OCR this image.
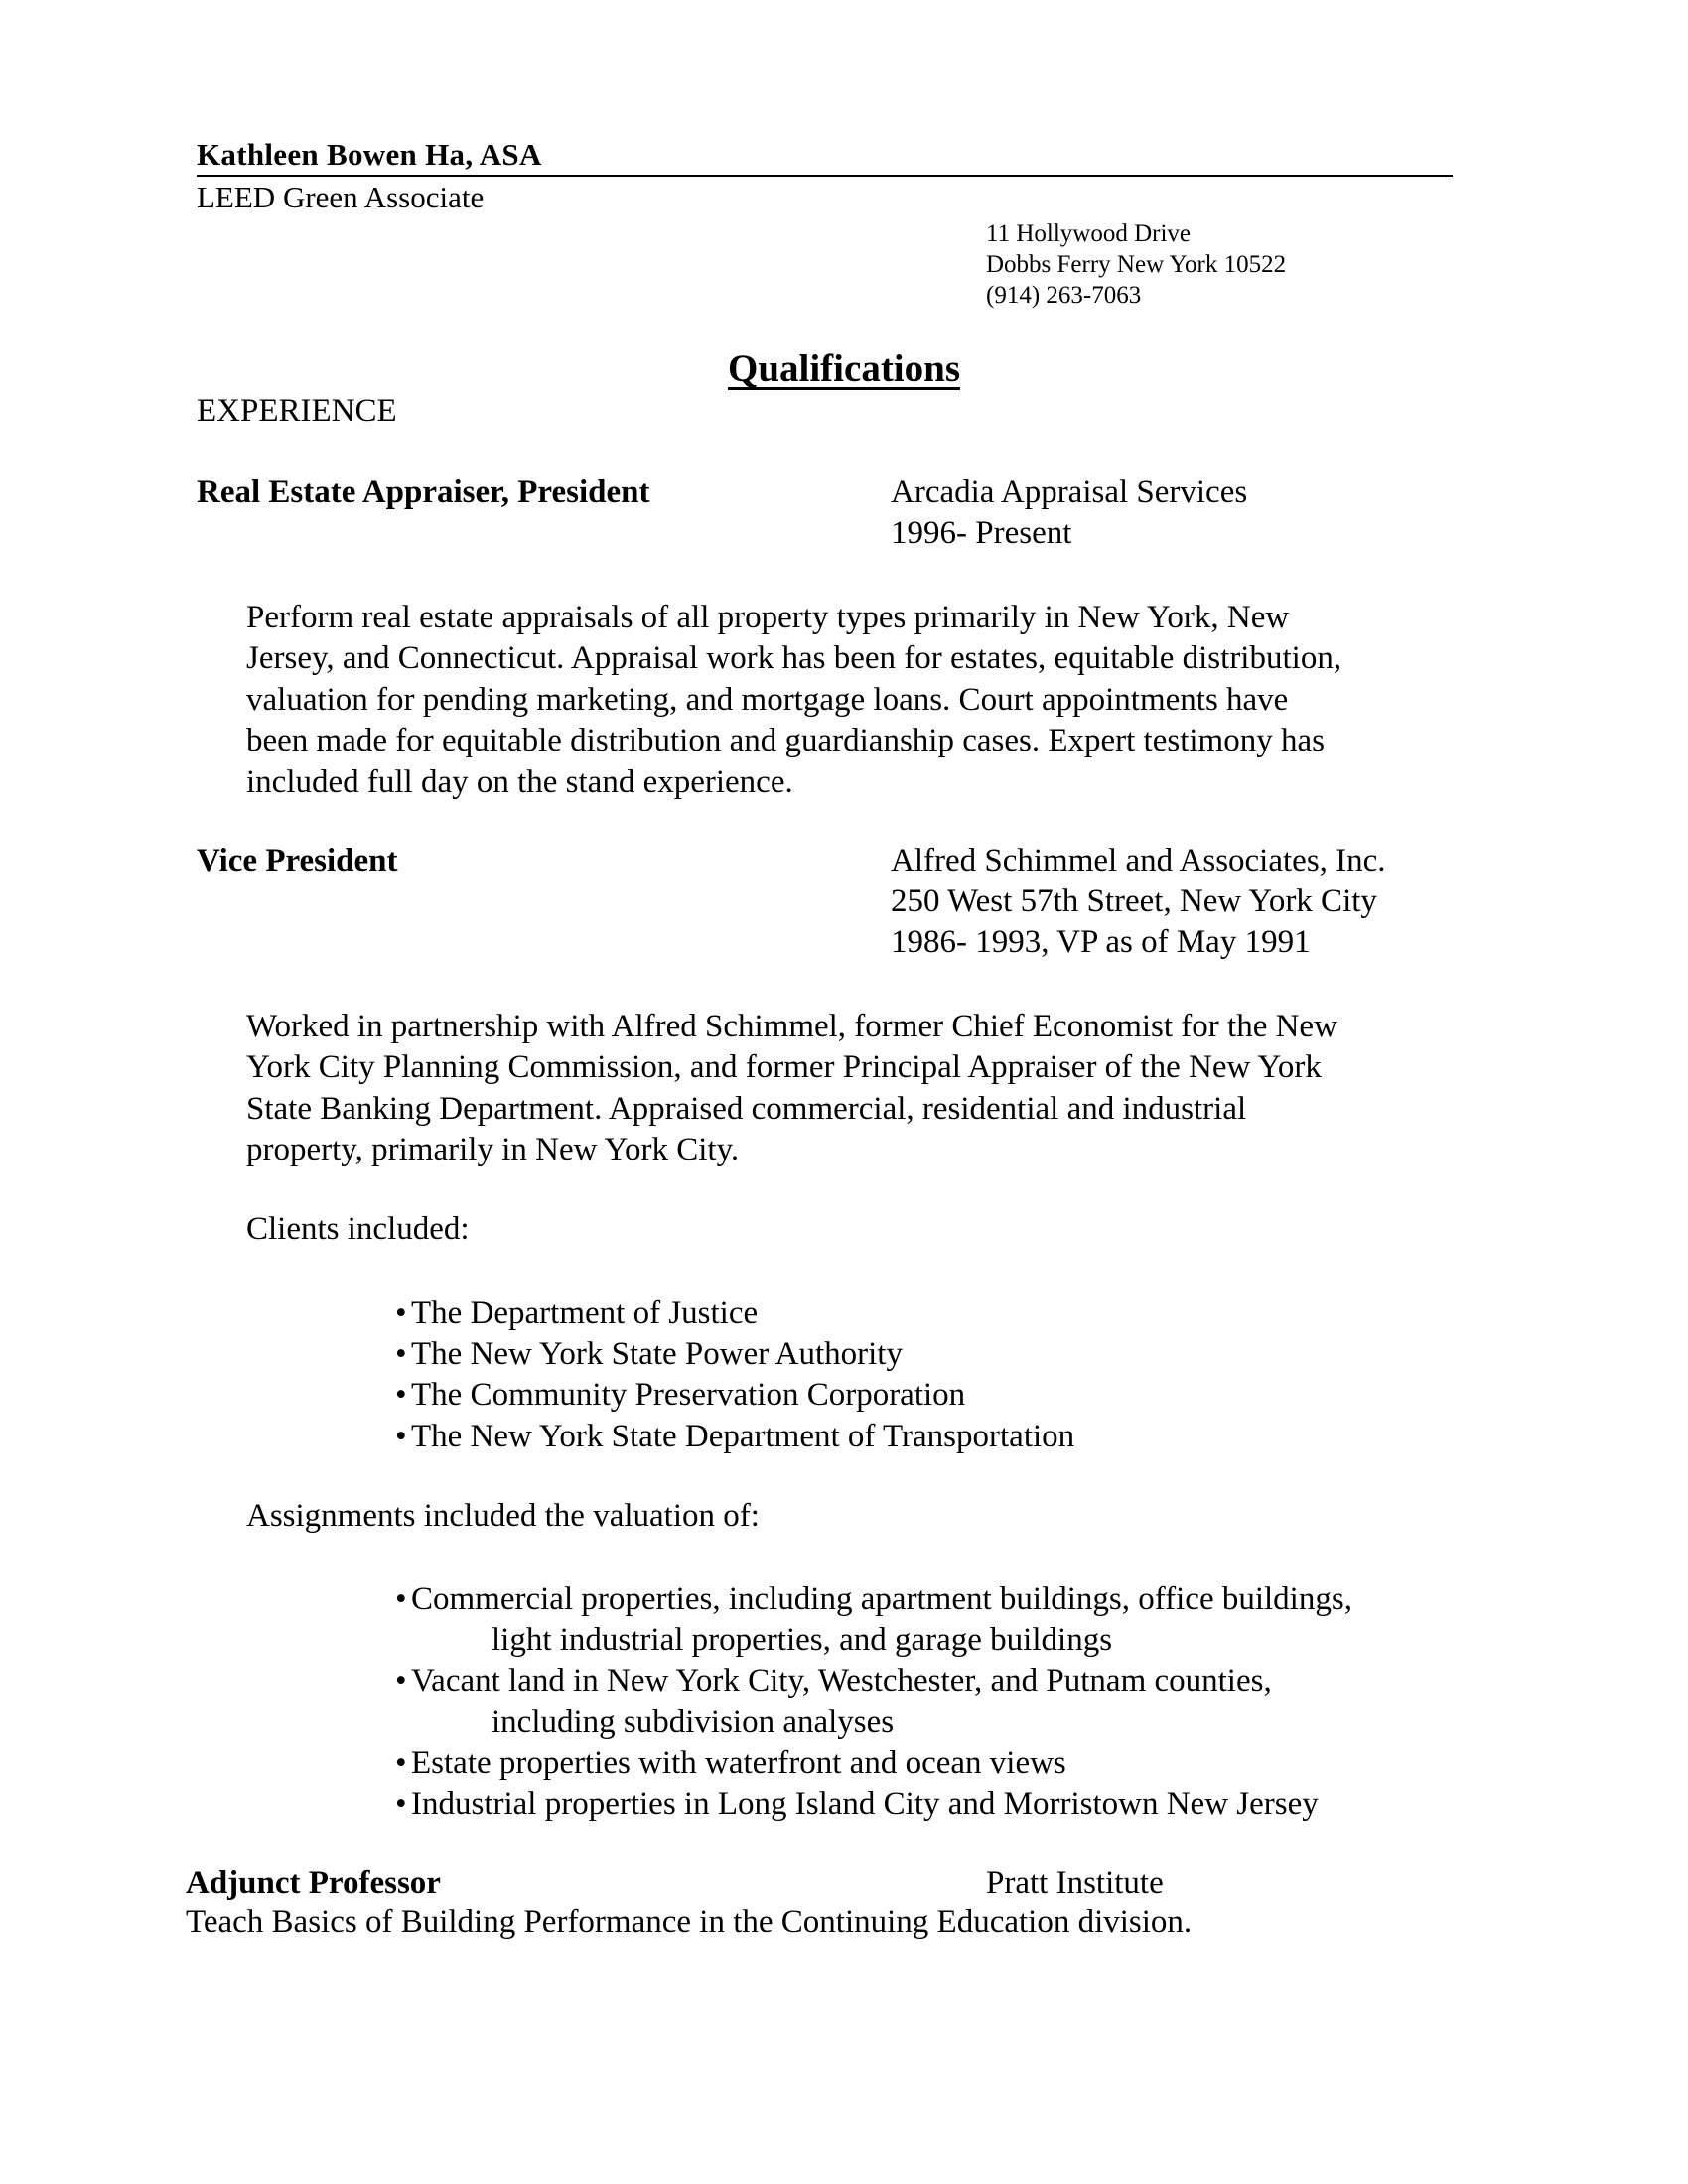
Kathleen Bowen Ha, ASA
LEED Green Associate
11 Hollywood Drive
Dobbs Ferry New York 10522
(914) 263-7063
Qualifications
EXPERIENCE
Real Estate Appraiser, President	Arcadia Appraisal Services
1996- Present
Perform real estate appraisals of all property types primarily in New York, New
Jersey, and Connecticut. Appraisal work has been for estates, equitable distribution,
valuation for pending marketing, and mortgage loans. Court appointments have
been made for equitable distribution and guardianship cases. Expert testimony has
included full day on the stand experience.
Vice President	Alfred Schimmel and Associates, Inc.
250 West 57th Street, New York City
1986- 1993, VP as of May 1991
Worked in partnership with Alfred Schimmel, former Chief Economist for the New
York City Planning Commission, and former Principal Appraiser of the New York
State Banking Department. Appraised commercial, residential and industrial
property, primarily in New York City.
Clients included:
• The Department of Justice
• The New York State Power Authority
• The Community Preservation Corporation
• The New York State Department of Transportation
Assignments included the valuation of:
• Commercial properties, including apartment buildings, office buildings,
light industrial properties, and garage buildings
• Vacant land in New York City, Westchester, and Putnam counties,
including subdivision analyses
• Estate properties with waterfront and ocean views
• Industrial properties in Long Island City and Morristown New Jersey
Adjunct Professor	Pratt Institute
Teach Basics of Building Performance in the Continuing Education division.
